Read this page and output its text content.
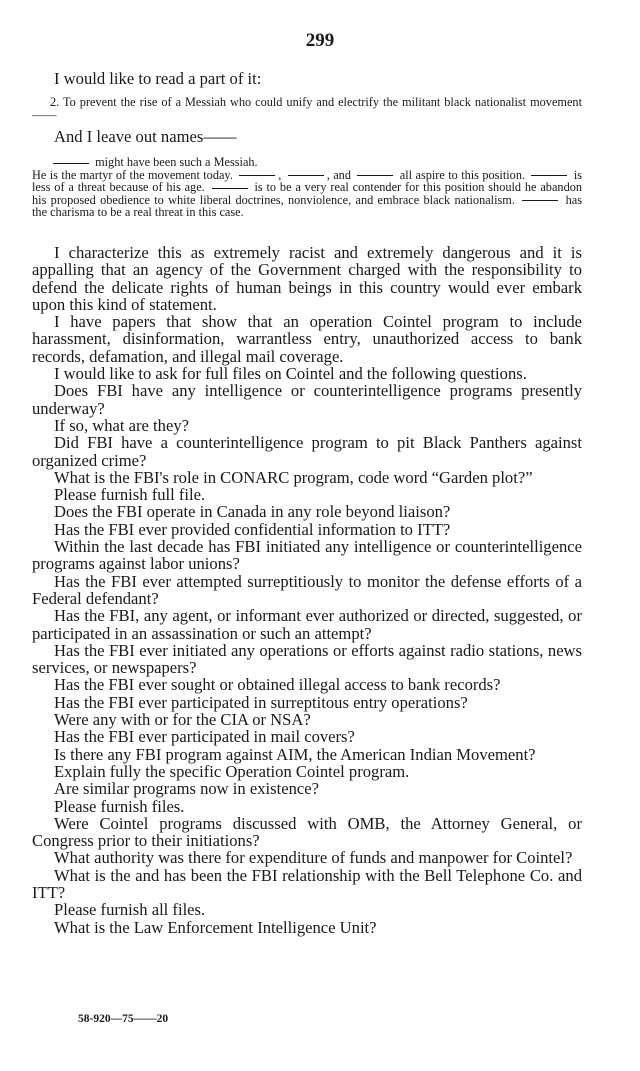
299

I would like to read a part of it:

2. To prevent the rise of a Messiah who could unify and electrify the militant black nationalist movement——

And I leave out names——

might have been such a Messiah.

He is the martyr of the movement today.	,	, and	all aspire to this position.	is less of a threat because of his age.	is to be a very real contender for this position should he abandon his proposed obedience to white liberal doctrines, nonviolence, and embrace black nationalism.	has the charisma to be a real threat in this case.

I characterize this as extremely racist and extremely dangerous and it is appalling that an agency of the Government charged with the responsibility to defend the delicate rights of human beings in this country would ever embark upon this kind of statement.

I have papers that show that an operation Cointel program to include harassment, disinformation, warrantless entry, unauthorized access to bank records, defamation, and illegal mail coverage.

I would like to ask for full files on Cointel and the following questions.

Does FBI have any intelligence or counterintelligence programs presently underway?

If so, what are they?

Did FBI have a counterintelligence program to pit Black Panthers against organized crime?

What is the FBI's role in CONARC program, code word “Garden plot?”

Please furnish full file.

Does the FBI operate in Canada in any role beyond liaison?

Has the FBI ever provided confidential information to ITT?

Within the last decade has FBI initiated any intelligence or counterintelligence programs against labor unions?

Has the FBI ever attempted surreptitiously to monitor the defense efforts of a Federal defendant?

Has the FBI, any agent, or informant ever authorized or directed, suggested, or participated in an assassination or such an attempt?

Has the FBI ever initiated any operations or efforts against radio stations, news services, or newspapers?

Has the FBI ever sought or obtained illegal access to bank records?

Has the FBI ever participated in surreptitous entry operations?

Were any with or for the CIA or NSA?

Has the FBI ever participated in mail covers?

Is there any FBI program against AIM, the American Indian Movement?

Explain fully the specific Operation Cointel program.

Are similar programs now in existence?

Please furnish files.

Were Cointel programs discussed with OMB, the Attorney General, or Congress prior to their initiations?

What authority was there for expenditure of funds and manpower for Cointel?

What is the and has been the FBI relationship with the Bell Telephone Co. and ITT?

Please furnish all files.

What is the Law Enforcement Intelligence Unit?

58-920—75——20
